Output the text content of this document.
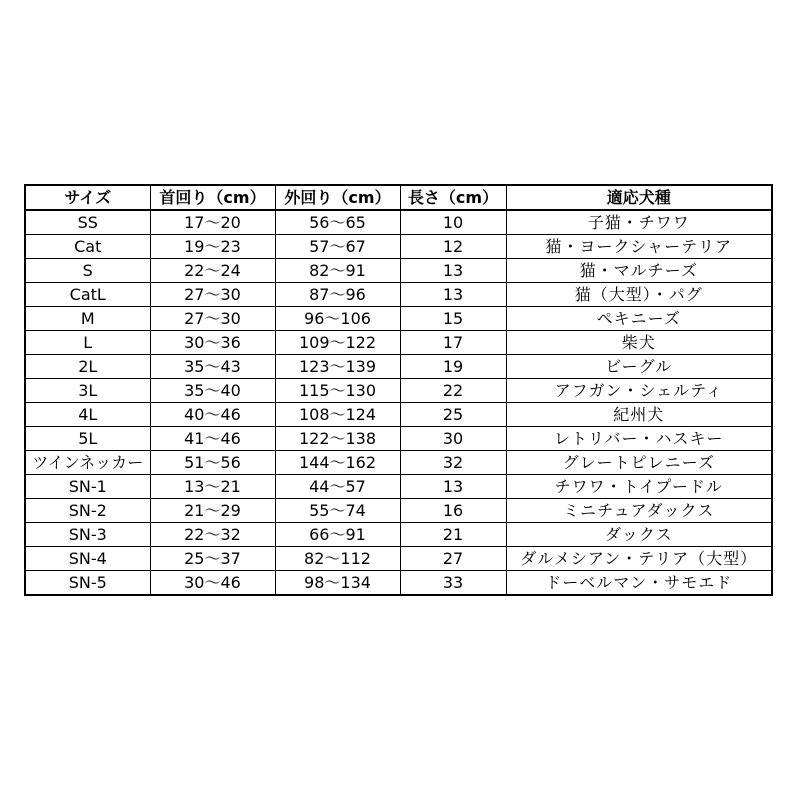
サイズ	首回り（cm）	外回り（cm）	長さ（cm）	適応犬種
SS	17～20	56～65	10	子猫・チワワ
Cat	19～23	57～67	12	猫・ヨークシャーテリア
S	22～24	82～91	13	猫・マルチーズ
CatL	27～30	87～96	13	猫（大型）・パグ
M	27～30	96～106	15	ペキニーズ
L	30～36	109～122	17	柴犬
2L	35～43	123～139	19	ビーグル
3L	35～40	115～130	22	アフガン・シェルティ
4L	40～46	108～124	25	紀州犬
5L	41～46	122～138	30	レトリバー・ハスキー
ツインネッカー	51～56	144～162	32	グレートピレニーズ
SN-1	13～21	44～57	13	チワワ・トイプードル
SN-2	21～29	55～74	16	ミニチュアダックス
SN-3	22～32	66～91	21	ダックス
SN-4	25～37	82～112	27	ダルメシアン・テリア（大型）
SN-5	30～46	98～134	33	ドーベルマン・サモエド
